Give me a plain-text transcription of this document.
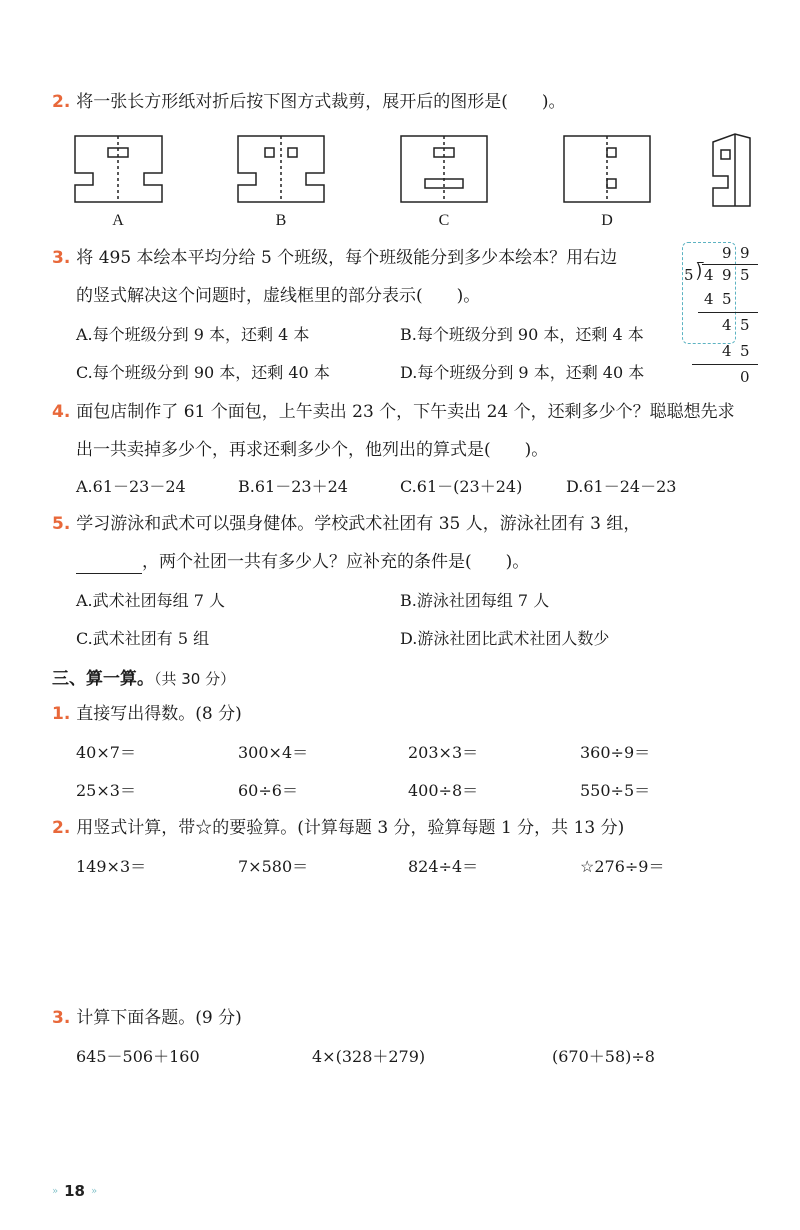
2. 将一张长方形纸对折后按下图方式裁剪，展开后的图形是(　　)。
A	B	C	D
3. 将 495 本绘本平均分给 5 个班级，每个班级能分到多少本绘本？用右边
的竖式解决这个问题时，虚线框里的部分表示(　　)。
A.每个班级分到 9 本，还剩 4 本	B.每个班级分到 90 本，还剩 4 本
C.每个班级分到 90 本，还剩 40 本	D.每个班级分到 9 本，还剩 40 本
9 9
5 ⟌ 4 9 5
4 5
4 5
4 5
0
4. 面包店制作了 61 个面包，上午卖出 23 个，下午卖出 24 个，还剩多少个？聪聪想先求
出一共卖掉多少个，再求还剩多少个，他列出的算式是(　　)。
A.61－23－24	B.61－23＋24	C.61－(23＋24)	D.61－24－23
5. 学习游泳和武术可以强身健体。学校武术社团有 35 人，游泳社团有 3 组，
，两个社团一共有多少人？应补充的条件是(　　)。
A.武术社团每组 7 人	B.游泳社团每组 7 人
C.武术社团有 5 组	D.游泳社团比武术社团人数少
三、算一算。（共 30 分）
1. 直接写出得数。(8 分)
40×7＝	300×4＝	203×3＝	360÷9＝
25×3＝	60÷6＝	400÷8＝	550÷5＝
2. 用竖式计算，带☆的要验算。(计算每题 3 分，验算每题 1 分，共 13 分)
149×3＝	7×580＝	824÷4＝	☆276÷9＝
3. 计算下面各题。(9 分)
645－506＋160	4×(328＋279)	(670＋58)÷8
» 18 »
